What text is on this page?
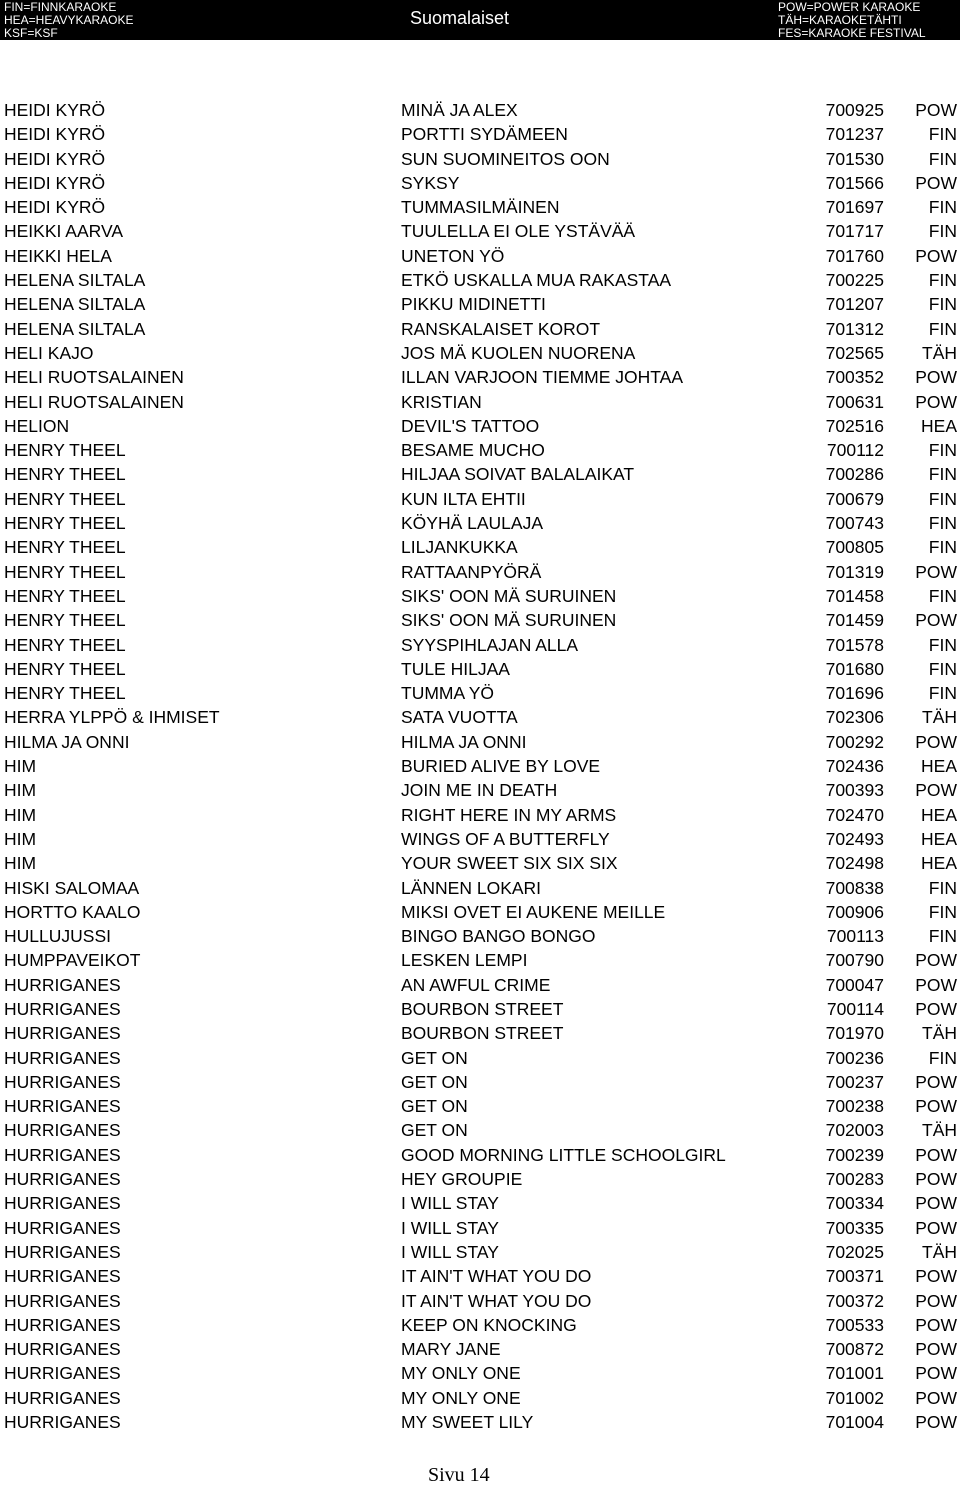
FIN=FINNKARAOKE
HEA=HEAVYKARAOKE
KSF=KSF
Suomalaiset
POW=POWER KARAOKE
TÄH=KARAOKETÄHTI
FES=KARAOKE FESTIVAL
HEIDI KYRÖ	MINÄ JA ALEX	700925	POW
HEIDI KYRÖ	PORTTI SYDÄMEEN	701237	FIN
HEIDI KYRÖ	SUN SUOMINEITOS OON	701530	FIN
HEIDI KYRÖ	SYKSY	701566	POW
HEIDI KYRÖ	TUMMASILMÄINEN	701697	FIN
HEIKKI AARVA	TUULELLA EI OLE YSTÄVÄÄ	701717	FIN
HEIKKI HELA	UNETON YÖ	701760	POW
HELENA SILTALA	ETKÖ USKALLA MUA RAKASTAA	700225	FIN
HELENA SILTALA	PIKKU MIDINETTI	701207	FIN
HELENA SILTALA	RANSKALAISET KOROT	701312	FIN
HELI KAJO	JOS MÄ KUOLEN NUORENA	702565	TÄH
HELI RUOTSALAINEN	ILLAN VARJOON TIEMME JOHTAA	700352	POW
HELI RUOTSALAINEN	KRISTIAN	700631	POW
HELION	DEVIL'S TATTOO	702516	HEA
HENRY THEEL	BESAME MUCHO	700112	FIN
HENRY THEEL	HILJAA SOIVAT BALALAIKAT	700286	FIN
HENRY THEEL	KUN ILTA EHTII	700679	FIN
HENRY THEEL	KÖYHÄ LAULAJA	700743	FIN
HENRY THEEL	LILJANKUKKA	700805	FIN
HENRY THEEL	RATTAANPYÖRÄ	701319	POW
HENRY THEEL	SIKS' OON MÄ SURUINEN	701458	FIN
HENRY THEEL	SIKS' OON MÄ SURUINEN	701459	POW
HENRY THEEL	SYYSPIHLAJAN ALLA	701578	FIN
HENRY THEEL	TULE HILJAA	701680	FIN
HENRY THEEL	TUMMA YÖ	701696	FIN
HERRA YLPPÖ & IHMISET	SATA VUOTTA	702306	TÄH
HILMA JA ONNI	HILMA JA ONNI	700292	POW
HIM	BURIED ALIVE BY LOVE	702436	HEA
HIM	JOIN ME IN DEATH	700393	POW
HIM	RIGHT HERE IN MY ARMS	702470	HEA
HIM	WINGS OF A BUTTERFLY	702493	HEA
HIM	YOUR SWEET SIX SIX SIX	702498	HEA
HISKI SALOMAA	LÄNNEN LOKARI	700838	FIN
HORTTO KAALO	MIKSI OVET EI AUKENE MEILLE	700906	FIN
HULLUJUSSI	BINGO BANGO BONGO	700113	FIN
HUMPPAVEIKOT	LESKEN LEMPI	700790	POW
HURRIGANES	AN AWFUL CRIME	700047	POW
HURRIGANES	BOURBON STREET	700114	POW
HURRIGANES	BOURBON STREET	701970	TÄH
HURRIGANES	GET ON	700236	FIN
HURRIGANES	GET ON	700237	POW
HURRIGANES	GET ON	700238	POW
HURRIGANES	GET ON	702003	TÄH
HURRIGANES	GOOD MORNING LITTLE SCHOOLGIRL	700239	POW
HURRIGANES	HEY GROUPIE	700283	POW
HURRIGANES	I WILL STAY	700334	POW
HURRIGANES	I WILL STAY	700335	POW
HURRIGANES	I WILL STAY	702025	TÄH
HURRIGANES	IT AIN'T WHAT YOU DO	700371	POW
HURRIGANES	IT AIN'T WHAT YOU DO	700372	POW
HURRIGANES	KEEP ON KNOCKING	700533	POW
HURRIGANES	MARY JANE	700872	POW
HURRIGANES	MY ONLY ONE	701001	POW
HURRIGANES	MY ONLY ONE	701002	POW
HURRIGANES	MY SWEET LILY	701004	POW
Sivu 14
